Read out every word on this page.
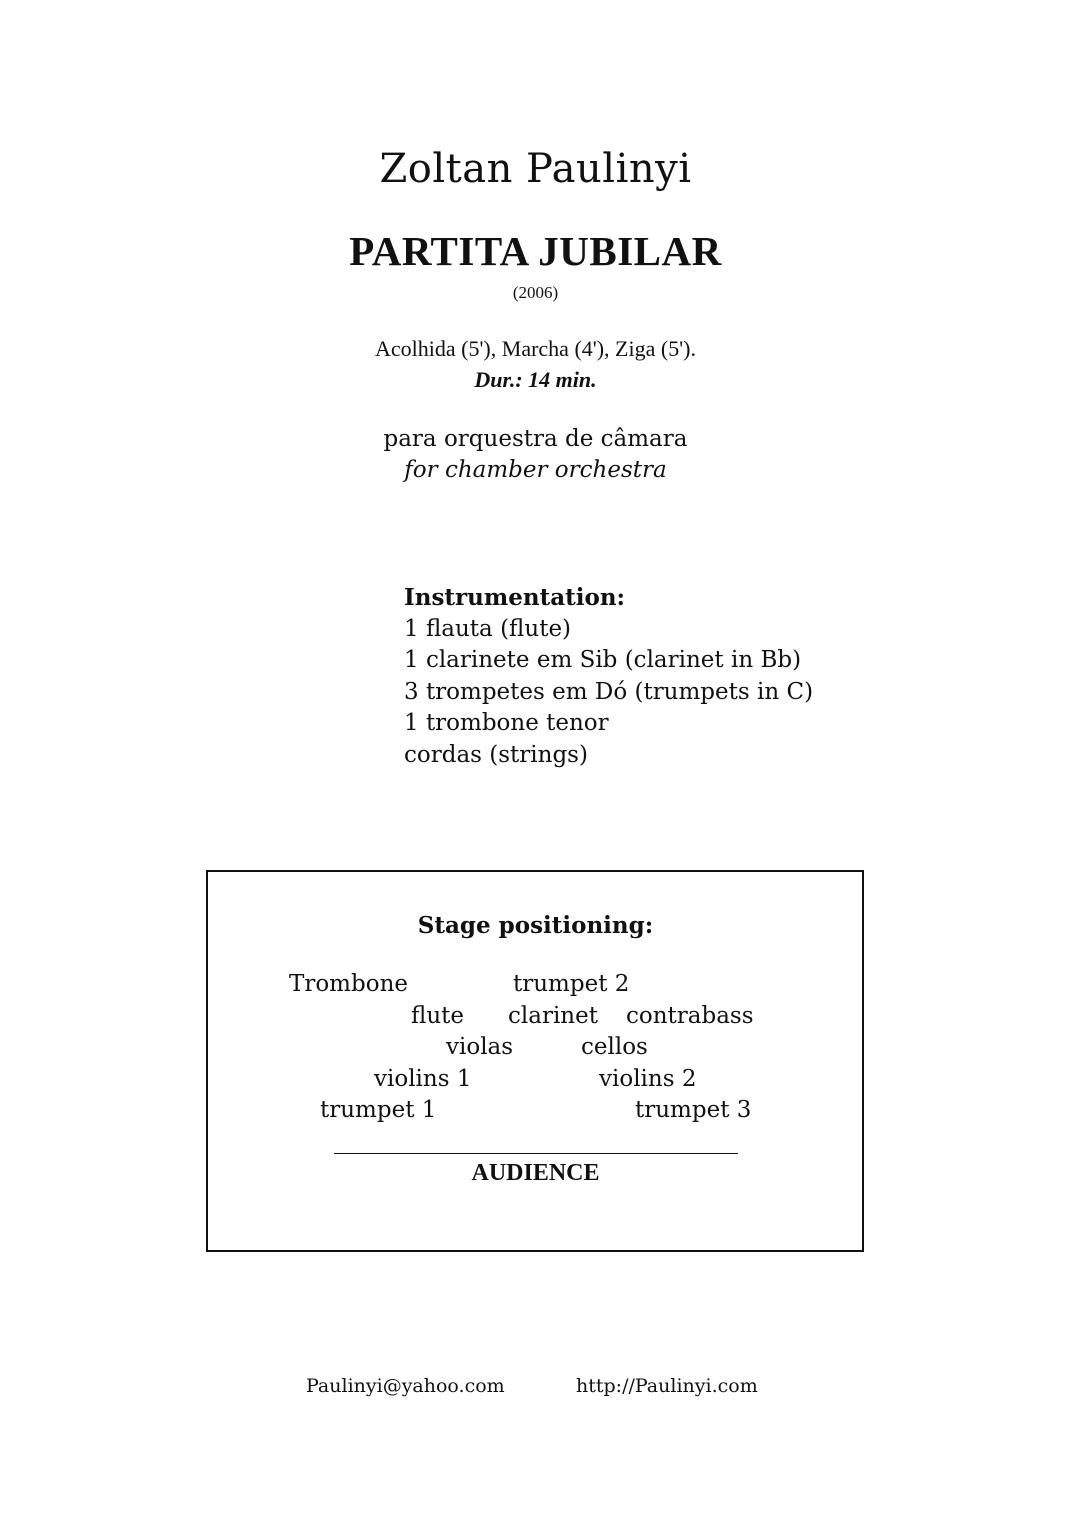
Zoltan Paulinyi
PARTITA JUBILAR
(2006)
Acolhida (5'), Marcha (4'), Ziga (5').
Dur.: 14 min.
para orquestra de câmara
for chamber orchestra
Instrumentation:
1 flauta (flute)
1 clarinete em Sib (clarinet in Bb)
3 trompetes em Dó (trumpets in C)
1 trombone tenor
cordas (strings)
Stage positioning:
Trombone	trumpet 2
flute clarinet contrabass
violas	cellos
violins 1	violins 2
trumpet 1	trumpet 3
AUDIENCE
Paulinyi@yahoo.com	http://Paulinyi.com
